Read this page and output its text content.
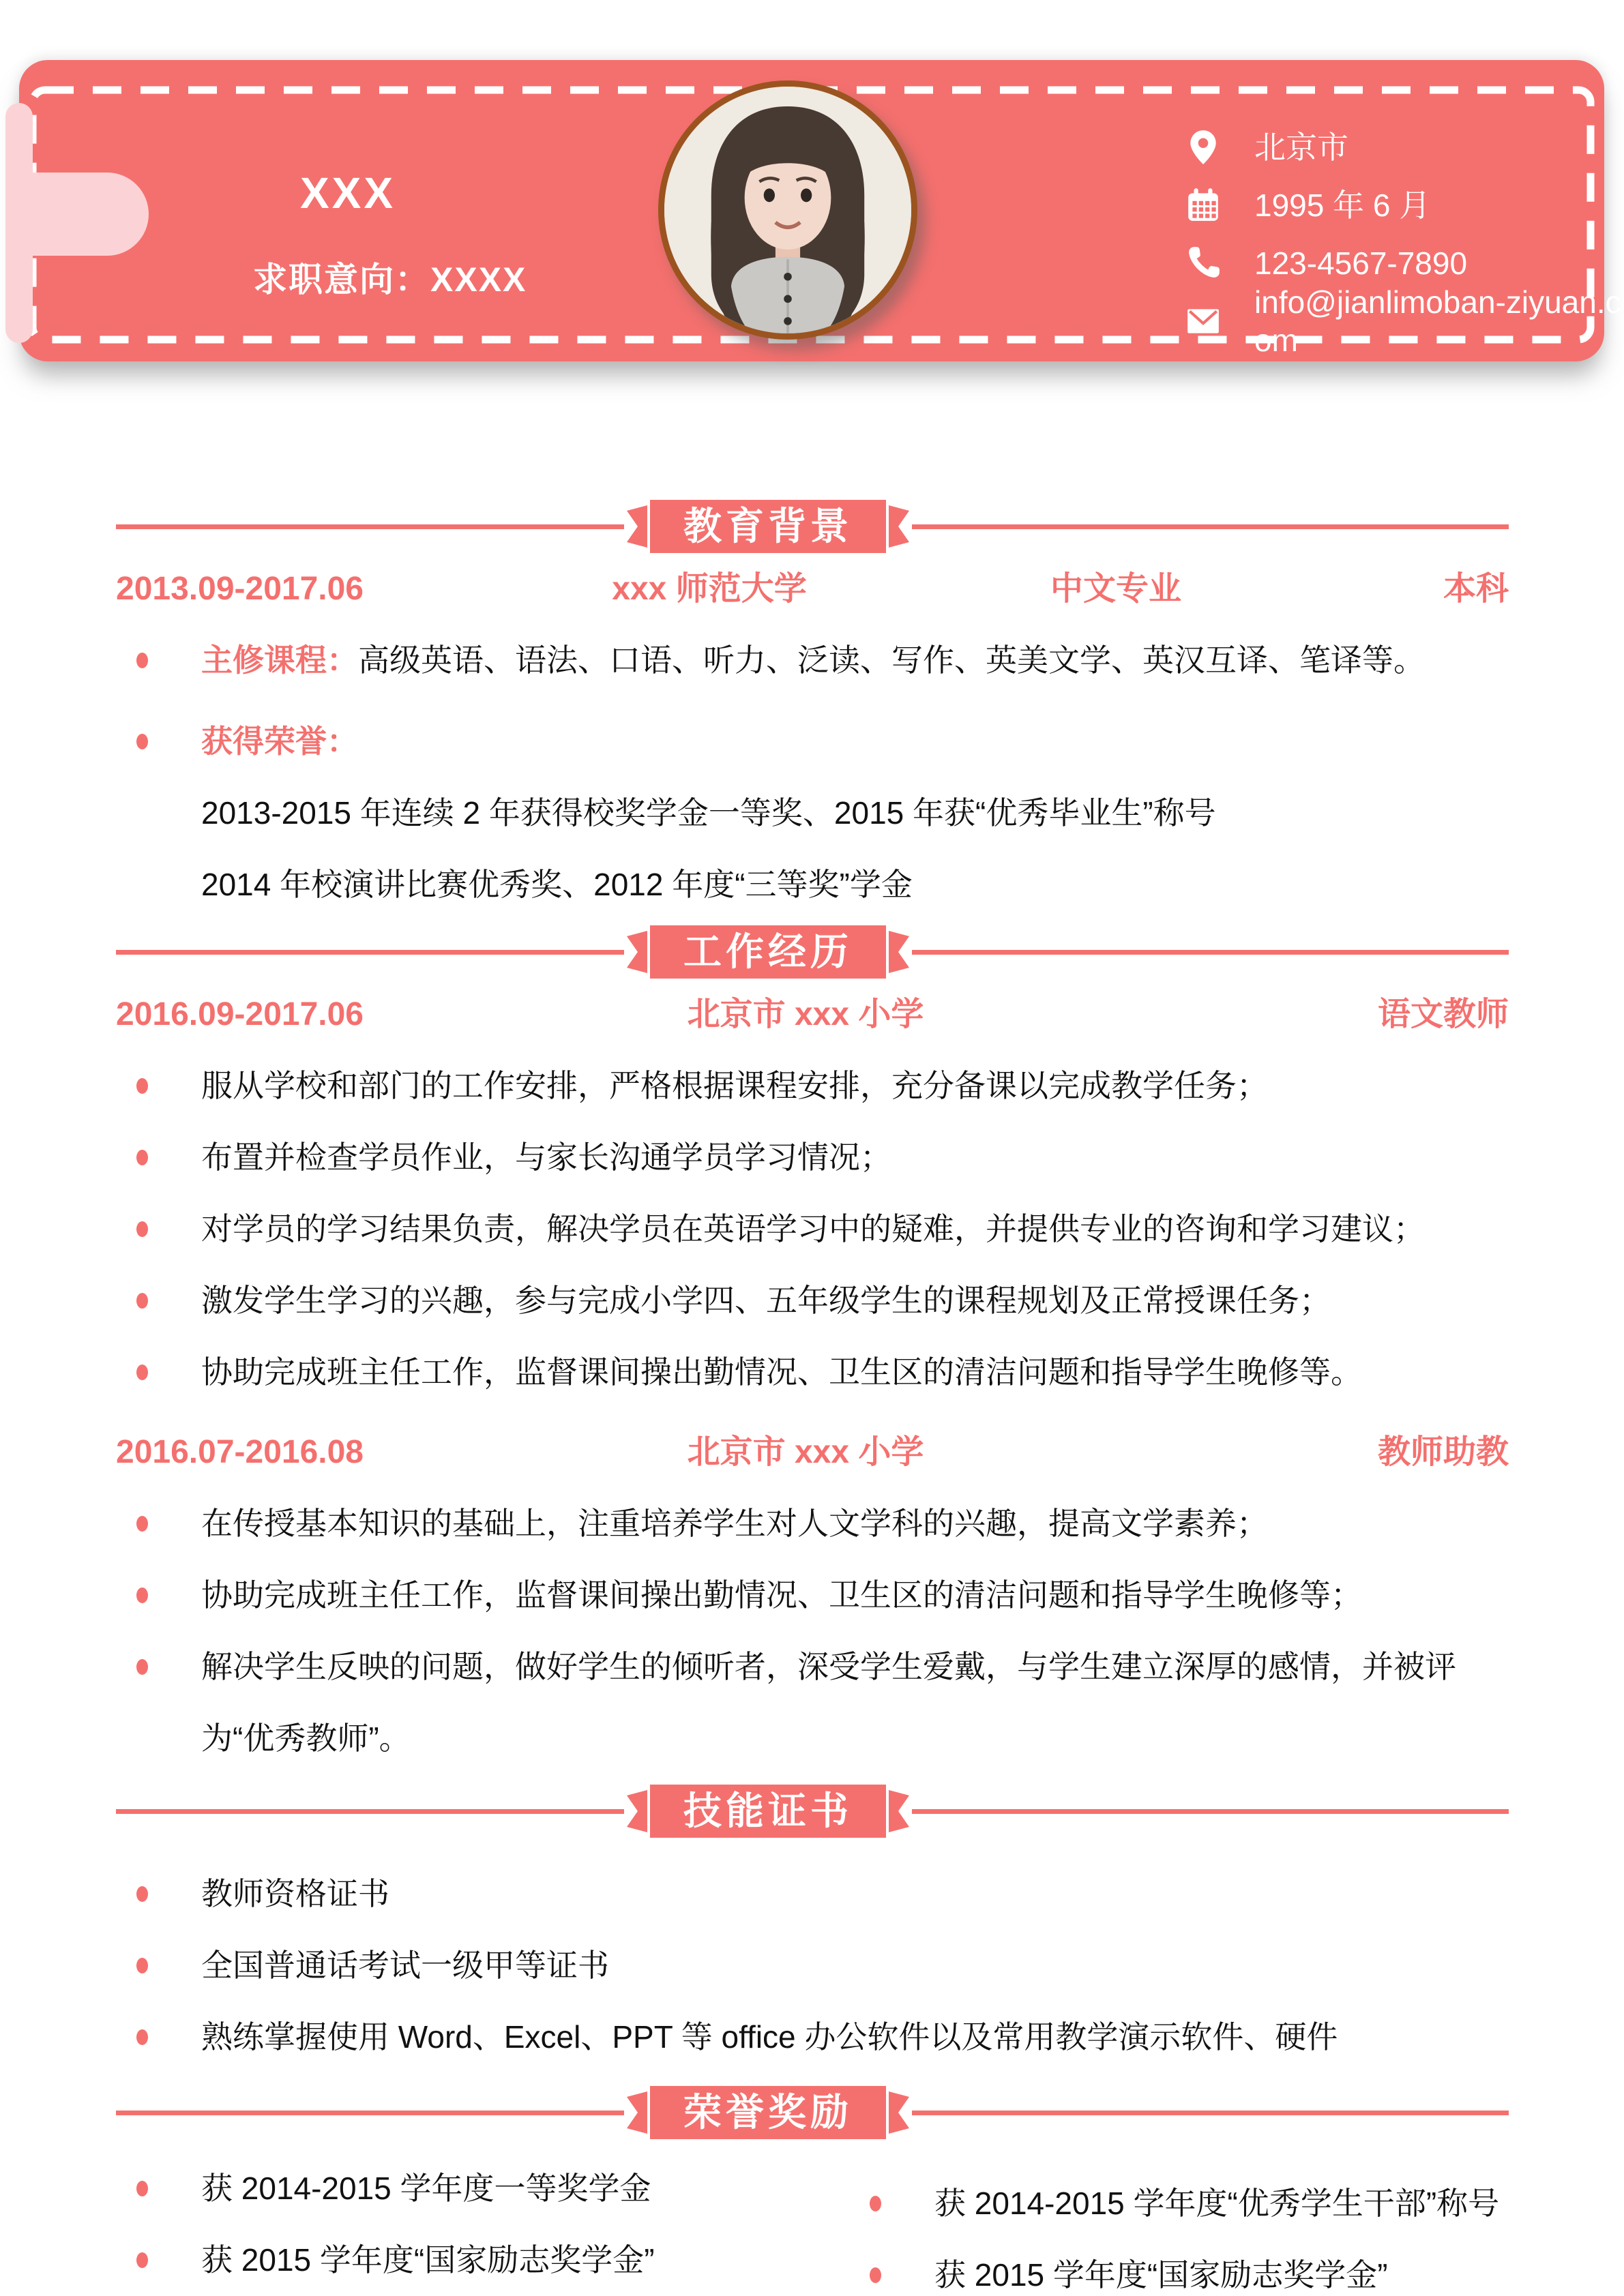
XXX
求职意向：XXXX
北京市
1995 年 6 月
123-4567-7890
info@jianlimoban-ziyuan.com
教育背景
2013.09-2017.06	xxx 师范大学	中文专业	本科
主修课程：高级英语、语法、口语、听力、泛读、写作、英美文学、英汉互译、笔译等。
获得荣誉：
2013-2015 年连续 2 年获得校奖学金一等奖、2015 年获“优秀毕业生”称号
2014 年校演讲比赛优秀奖、2012 年度“三等奖”学金
工作经历
2016.09-2017.06	北京市 xxx 小学	语文教师
服从学校和部门的工作安排，严格根据课程安排，充分备课以完成教学任务；
布置并检查学员作业，与家长沟通学员学习情况；
对学员的学习结果负责，解决学员在英语学习中的疑难，并提供专业的咨询和学习建议；
激发学生学习的兴趣，参与完成小学四、五年级学生的课程规划及正常授课任务；
协助完成班主任工作，监督课间操出勤情况、卫生区的清洁问题和指导学生晚修等。
2016.07-2016.08	北京市 xxx 小学	教师助教
在传授基本知识的基础上，注重培养学生对人文学科的兴趣，提高文学素养；
协助完成班主任工作，监督课间操出勤情况、卫生区的清洁问题和指导学生晚修等；
解决学生反映的问题，做好学生的倾听者，深受学生爱戴，与学生建立深厚的感情，并被评为“优秀教师”。
技能证书
教师资格证书
全国普通话考试一级甲等证书
熟练掌握使用 Word、Excel、PPT 等 office 办公软件以及常用教学演示软件、硬件
荣誉奖励
获 2014-2015 学年度一等奖学金
获 2015 学年度“国家励志奖学金”
获 2014-2015 学年度“优秀学生干部”称号
获 2015 学年度“国家励志奖学金”
